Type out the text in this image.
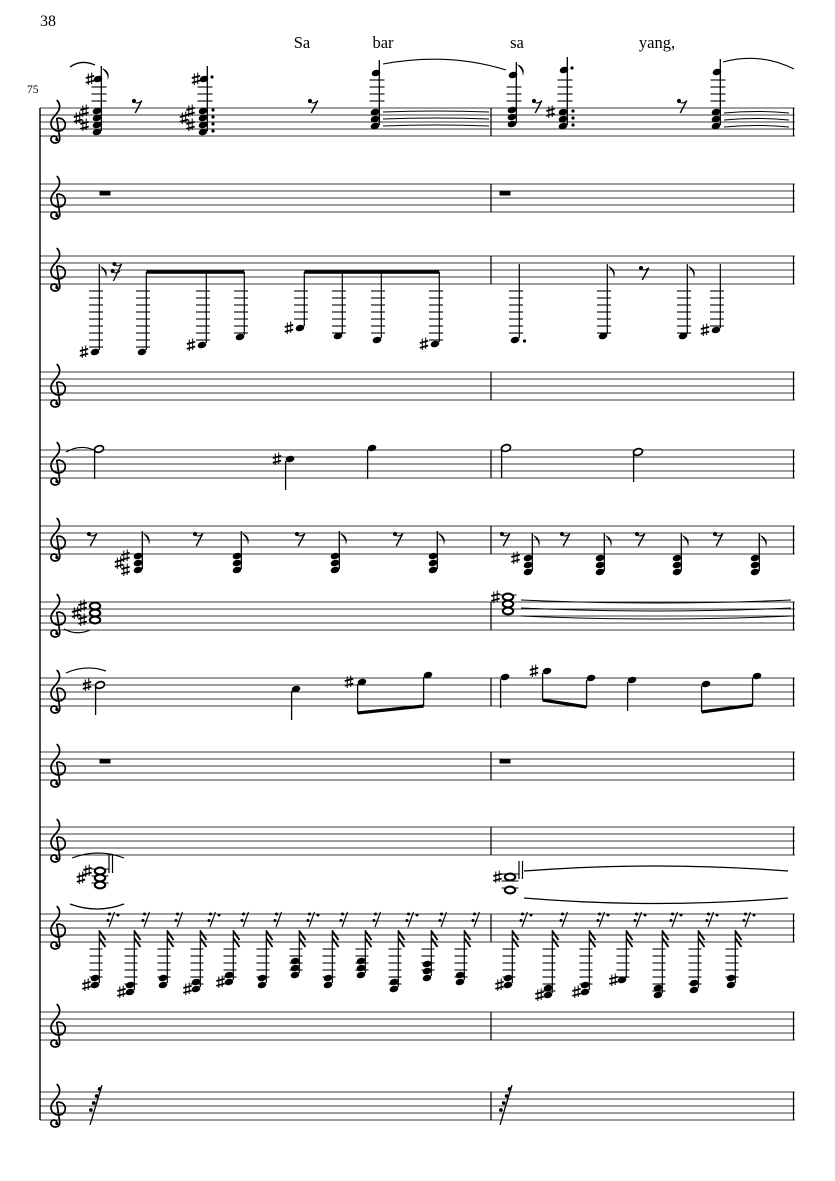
38
75
Sa	bar	sa	yang,
